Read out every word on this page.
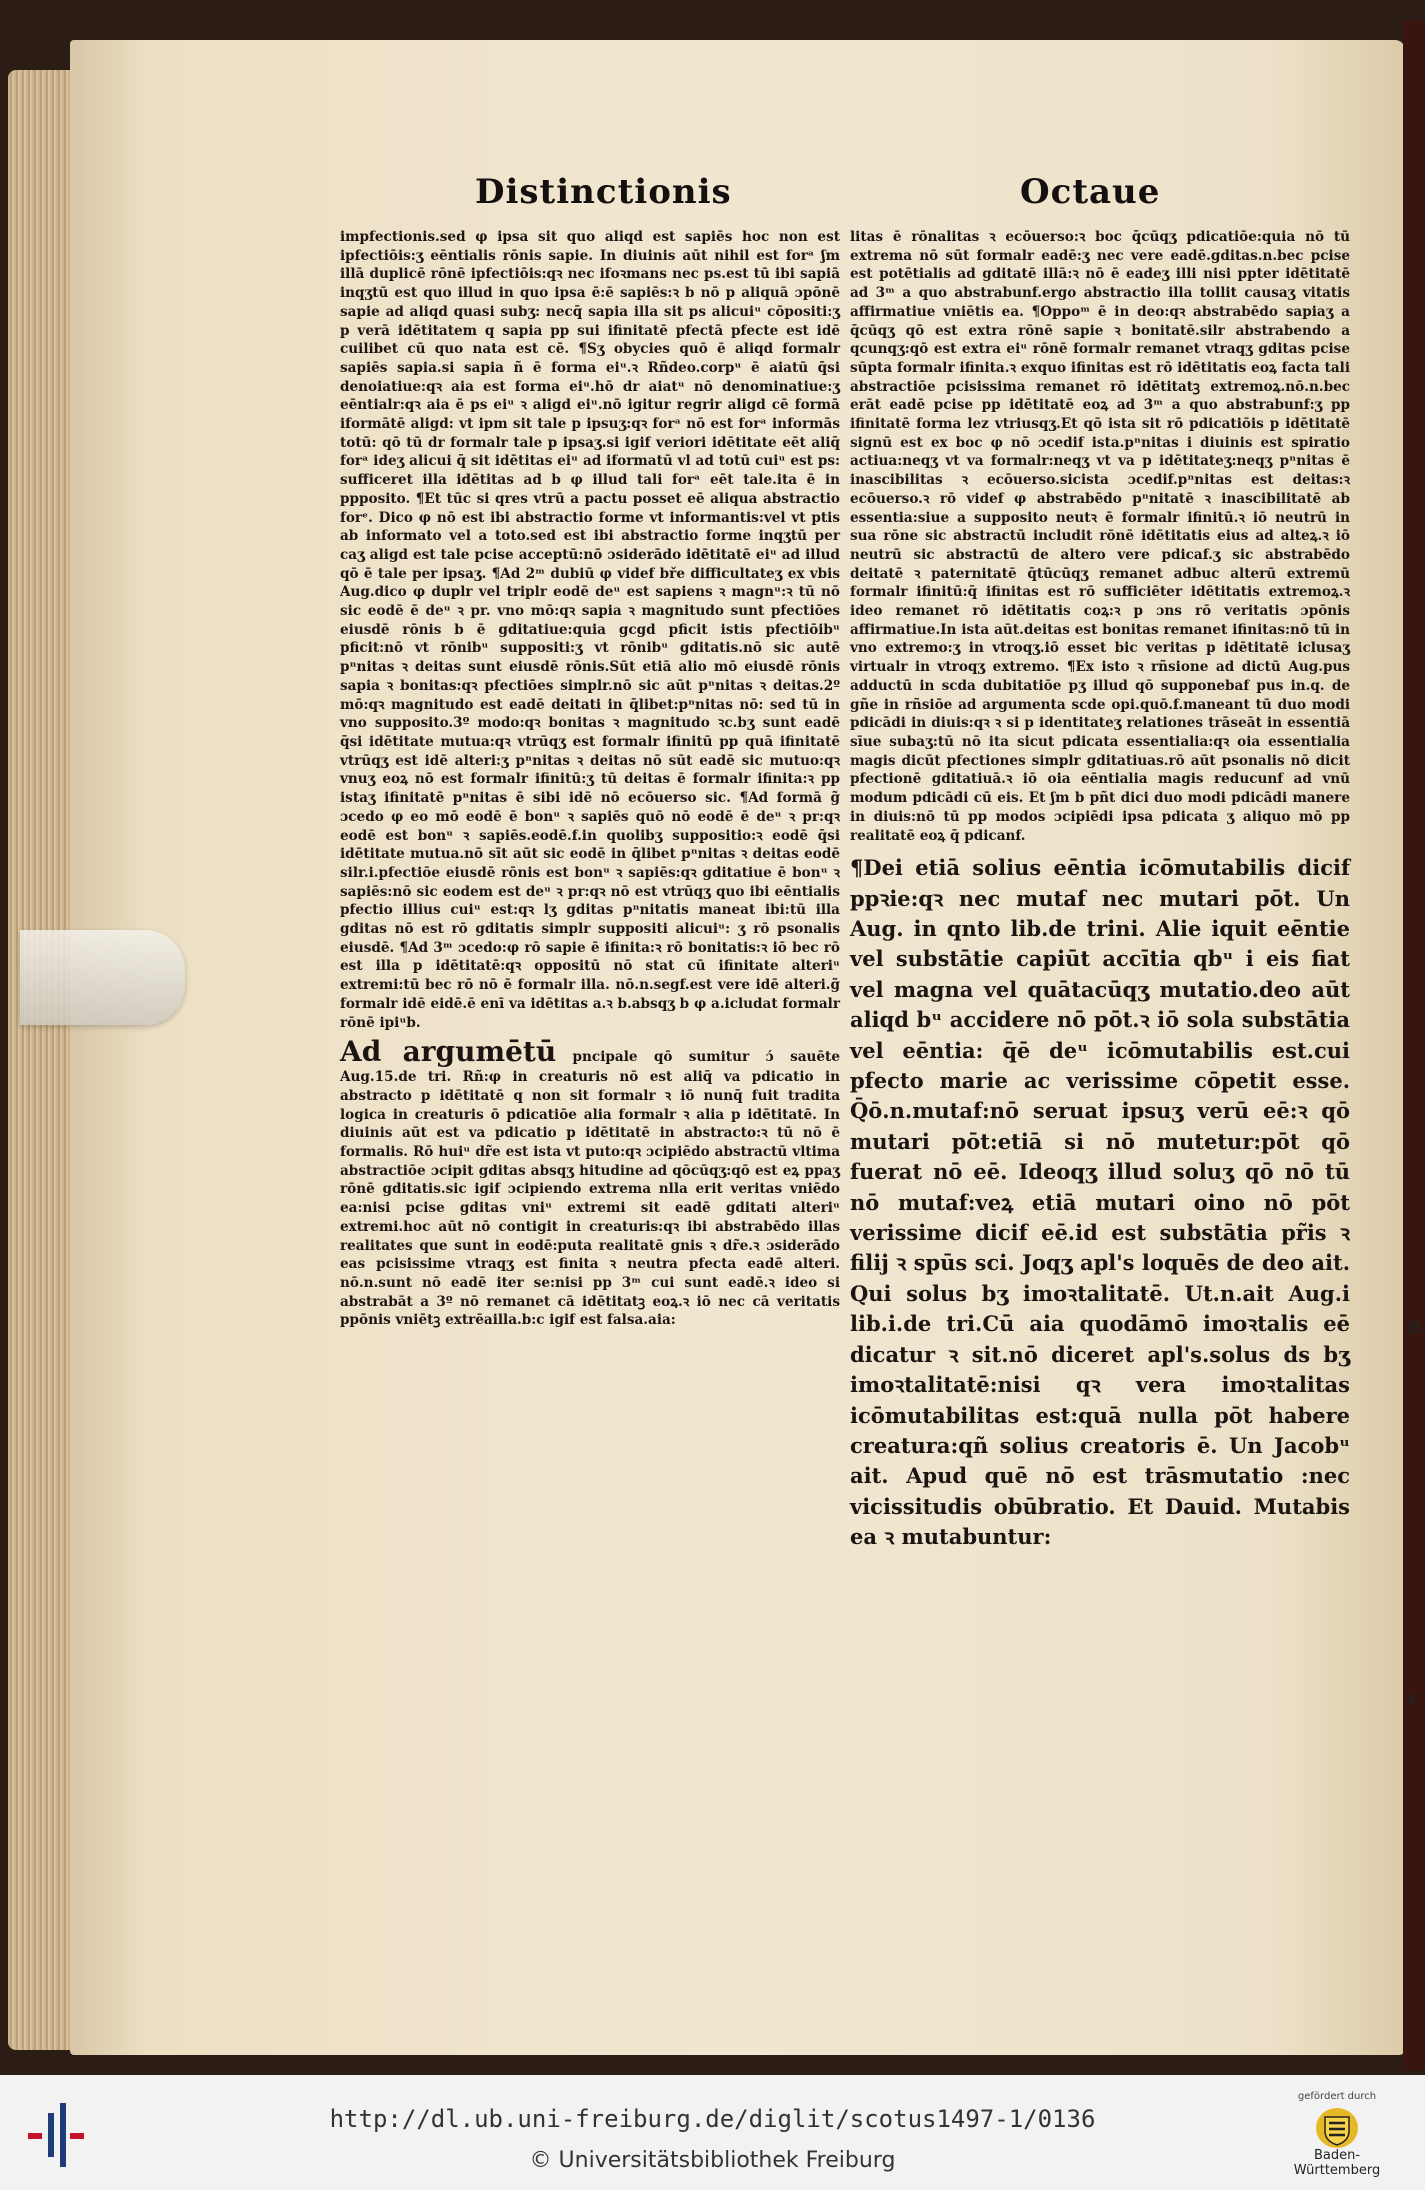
Distinctionis	Octaue

impfectionis.sed φ ipsa sit quo aliqd est sapiēs hoc non est ipfectiōis:ʒ eēntialis rōnis sapie. In diuinis aūt nihil est forᵃ ʃm illā duplicē rōnē ipfectiōis:qꝛ nec ifoꝛmans nec ps.est tū ibi sapiā inqʒtū est quo illud in quo ipsa ē:ē sapiēs:ꝛ b nō p aliquā ɔpōnē sapie ad aliqd quasi subʒ: necq̄ sapia illa sit ps alicuiᵘ cōpositi:ʒ p verā idētitatem q sapia pp sui ifinitatē pfectā pfecte est idē cuilibet cū quo nata est cē. ¶Sʒ obycies quō ē aliqd formalr sapiēs sapia.si sapia ñ ē forma eiᵘ.ꝛ Rñdeo.corpᵘ ē aiatū q̄si denoiatiue:qꝛ aia est forma eiᵘ.hō dr aiatᵘ nō denominatiue:ʒ eēntialr:qꝛ aia ē ps eiᵘ ꝛ aligd eiᵘ.nō igitur regrir aligd cē formā iformātē aligd: vt ipm sit tale p ipsuʒ:qꝛ forᵃ nō est forᵃ informās totū: qō tū dr formalr tale p ipsaʒ.si igif veriori idētitate eēt aliq̄ forᵃ ideʒ alicui q̄ sit idētitas eiᵘ ad iformatū vl ad totū cuiᵘ est ps: sufficeret illa idētitas ad b φ illud tali forᵃ eēt tale.ita ē in ppposito. ¶Et tūc si qres vtrū a pactu posset eē aliqua abstractio forᵉ. Dico φ nō est ibi abstractio forme vt informantis:vel vt ptis ab informato vel a toto.sed est ibi abstractio forme inqʒtū per caʒ aligd est tale pcise acceptū:nō ɔsiderādo idētitatē eiᵘ ad illud qō ē tale per ipsaʒ. ¶Ad 2ᵐ dubiū φ videf bře difficultateʒ ex vbis Aug.dico φ duplr vel triplr eodē deᵘ est sapiens ꝛ magnᵘ:ꝛ tū nō sic eodē ē deᵘ ꝛ pr. vno mō:qꝛ sapia ꝛ magnitudo sunt pfectiōes eiusdē rōnis b ē gditatiue:quia gcgd pficit istis pfectiōibᵘ pficit:nō vt rōnibᵘ suppositi:ʒ vt rōnibᵘ gditatis.nō sic autē pⁿnitas ꝛ deitas sunt eiusdē rōnis.Sūt etiā alio mō eiusdē rōnis sapia ꝛ bonitas:qꝛ pfectiōes simplr.nō sic aūt pⁿnitas ꝛ deitas.2º mō:qꝛ magnitudo est eadē deitati in q̄libet:pⁿnitas nō: sed tū in vno supposito.3º modo:qꝛ bonitas ꝛ magnitudo ꝛc.bʒ sunt eadē q̄si idētitate mutua:qꝛ vtrūqʒ est formalr ifinitū pp quā ifinitatē vtrūqʒ est idē alteri:ʒ pⁿnitas ꝛ deitas nō sūt eadē sic mutuo:qꝛ vnuʒ eoꝝ nō est formalr ifinitū:ʒ tū deitas ē formalr ifinita:ꝛ pp istaʒ ifinitatē pⁿnitas ē sibi idē nō ecōuerso sic. ¶Ad formā g̃ ɔcedo φ eo mō eodē ē bonᵘ ꝛ sapiēs quō nō eodē ē deᵘ ꝛ pr:qꝛ eodē est bonᵘ ꝛ sapiēs.eodē.f.in quolibʒ suppositio:ꝛ eodē q̄si idētitate mutua.nō sīt aūt sic eodē in q̄libet pⁿnitas ꝛ deitas eodē silr.i.pfectiōe eiusdē rōnis est bonᵘ ꝛ sapiēs:qꝛ gditatiue ē bonᵘ ꝛ sapiēs:nō sic eodem est deᵘ ꝛ pr:qꝛ nō est vtrūqʒ quo ibi eēntialis pfectio illius cuiᵘ est:qꝛ lʒ gditas pⁿnitatis maneat ibi:tū illa gditas nō est rō gditatis simplr suppositi alicuiᵘ: ʒ rō psonalis eiusdē. ¶Ad 3ᵐ ɔcedo:φ rō sapie ē ifinita:ꝛ rō bonitatis:ꝛ iō bec rō est illa p idētitatē:qꝛ oppositū nō stat cū ifinitate alteriᵘ extremi:tū bec rō nō ē formalr illa. nō.n.segf.est vere idē alteri.g̃ formalr idē eidē.ē enī va idētitas a.ꝛ b.absqʒ b φ a.icludat formalr rōnē ipiᵘb.

Ad argumētū pncipale qō sumitur ɔ́ sauēte Aug.15.de tri. Rñ:φ in creaturis nō est aliq̄ va pdicatio in abstracto p idētitatē q non sit formalr ꝛ iō nunq̄ fuit tradita logica in creaturis ō pdicatiōe alia formalr ꝛ alia p idētitatē. In diuinis aūt est va pdicatio p idētitatē in abstracto:ꝛ tū nō ē formalis. Rō huiᵘ dr̃e est ista vt puto:qꝛ ɔcipiēdo abstractū vltima abstractiōe ɔcipit gditas absqʒ hitudine ad qōcūqʒ:qō est eꝝ ppaʒ rōnē gditatis.sic igif ɔcipiendo extrema nlla erit veritas vniēdo ea:nisi pcise gditas vniᵘ extremi sit eadē gditati alteriᵘ extremi.hoc aūt nō contigit in creaturis:qꝛ ibi abstrabēdo illas realitates que sunt in eodē:puta realitatē gnis ꝛ dr̃e.ꝛ ɔsiderādo eas pcisissime vtraqʒ est finita ꝛ neutra pfecta eadē alteri. nō.n.sunt nō eadē iter se:nisi pp 3ᵐ cui sunt eadē.ꝛ ideo si abstrabāt a 3º nō remanet cā idētitatꝫ eoꝝ.ꝛ iō nec cā veritatis ppōnis vniētꝫ extrēailla.b:c igif est falsa.aia:

litas ē rōnalitas ꝛ ecōuerso:ꝛ boc q̄cūqʒ pdicatiōe:quia nō tū extrema nō sūt formalr eadē:ʒ nec vere eadē.gditas.n.bec pcise est potētialis ad gditatē illā:ꝛ nō ē eadeʒ illi nisi ppter idētitatē ad 3ᵐ a quo abstrabunf.ergo abstractio illa tollit causaʒ vitatis affirmatiue vniētis ea. ¶Oppoᵐ ē in deo:qꝛ abstrabēdo sapiaʒ a q̄cūqʒ qō est extra rōnē sapie ꝛ bonitatē.silr abstrabendo a qcunqʒ:qō est extra eiᵘ rōnē formalr remanet vtraqʒ gditas pcise sūpta formalr ifinita.ꝛ exquo ifinitas est rō idētitatis eoꝝ facta tali abstractiōe pcisissima remanet rō idētitatꝫ extremoꝝ.nō.n.bec erāt eadē pcise pp idētitatē eoꝝ ad 3ᵐ a quo abstrabunf:ʒ pp ifinitatē forma lez vtriusqʒ.Et qō ista sit rō pdicatiōis p idētitatē signū est ex boc φ nō ɔcedif ista.pⁿnitas i diuinis est spiratio actiua:neqʒ vt va formalr:neqʒ vt va p idētitateʒ:neqʒ pⁿnitas ē inascibilitas ꝛ ecōuerso.sicista ɔcedif.pⁿnitas est deitas:ꝛ ecōuerso.ꝛ rō videf φ abstrabēdo pⁿnitatē ꝛ inascibilitatē ab essentia:siue a supposito neutꝛ ē formalr ifinitū.ꝛ iō neutrū in sua rōne sic abstractū includit rōnē idētitatis eius ad alteꝝ.ꝛ iō neutrū sic abstractū de altero vere pdicaf.ʒ sic abstrabēdo deitatē ꝛ paternitatē q̄tūcūqʒ remanet adbuc alterū extremū formalr ifinitū:q̄ ifinitas est rō sufficiēter idētitatis extremoꝝ.ꝛ ideo remanet rō idētitatis coꝝ:ꝛ p ɔns rō veritatis ɔpōnis affirmatiue.In ista aūt.deitas est bonitas remanet ifinitas:nō tū in vno extremo:ʒ in vtroqʒ.iō esset bic veritas p idētitatē iclusaʒ virtualr in vtroqʒ extremo. ¶Ex isto ꝛ rñsione ad dictū Aug.pus adductū in scda dubitatiōe pʒ illud qō supponebaf pus in.q. de gñe in rñsiōe ad argumenta scde opi.quō.f.maneant tū duo modi pdicādi in diuis:qꝛ ꝛ si p identitateʒ relationes trāseāt in essentiā sīue subaʒ:tū nō ita sicut pdicata essentialia:qꝛ oia essentialia magis dicūt pfectiones simplr gditatiuas.rō aūt psonalis nō dicit pfectionē gditatiuā.ꝛ iō oia eēntialia magis reducunf ad vnū modum pdicādi cū eis. Et ʃm b pñt dici duo modi pdicādi manere in diuis:nō tū pp modos ɔcipiēdi ipsa pdicata ʒ aliquo mō pp realitatē eoꝝ q̄ pdicanf.

¶Dei etiā solius eēntia icōmutabilis dicif ppꝛie:qꝛ nec mutaf nec mutari pōt. Un Aug. in qnto lib.de trini. Alie iquit eēntie vel substātie capiūt accītia qbᵘ i eis fiat vel magna vel quātacūqʒ mutatio.deo aūt aliqd bᵘ accidere nō pōt.ꝛ iō sola substātia vel eēntia: q̄ē deᵘ icōmutabilis est.cui pfecto marie ac verissime cōpetit esse. Q̄ō.n.mutaf:nō seruat ipsuʒ verū eē:ꝛ qō mutari pōt:etiā si nō mutetur:pōt qō fuerat nō eē. Ideoqʒ illud soluʒ qō nō tū nō mutaf:veꝝ etiā mutari oino nō pōt verissime dicif eē.id est substātia pr̃is ꝛ filij ꝛ spūs sci. Joqʒ apl's loquēs de deo ait. Qui solus bʒ imoꝛtalitatē. Ut.n.ait Aug.i lib.i.de tri.Cū aia quodāmō imoꝛtalis eē dicatur ꝛ sit.nō diceret apl's.solus ds bʒ imoꝛtalitatē:nisi qꝛ vera imoꝛtalitas icōmutabilitas est:quā nulla pōt habere creatura:qñ solius creatoris ē. Un Jacobᵘ ait. Apud quē nō est trāsmutatio :nec vicissitudis obūbratio. Et Dauid. Mutabis ea ꝛ mutabuntur:

B
C
http://dl.ub.uni-freiburg.de/diglit/scotus1497-1/0136
© Universitätsbibliothek Freiburg
gefördert durch
Baden-Württemberg
